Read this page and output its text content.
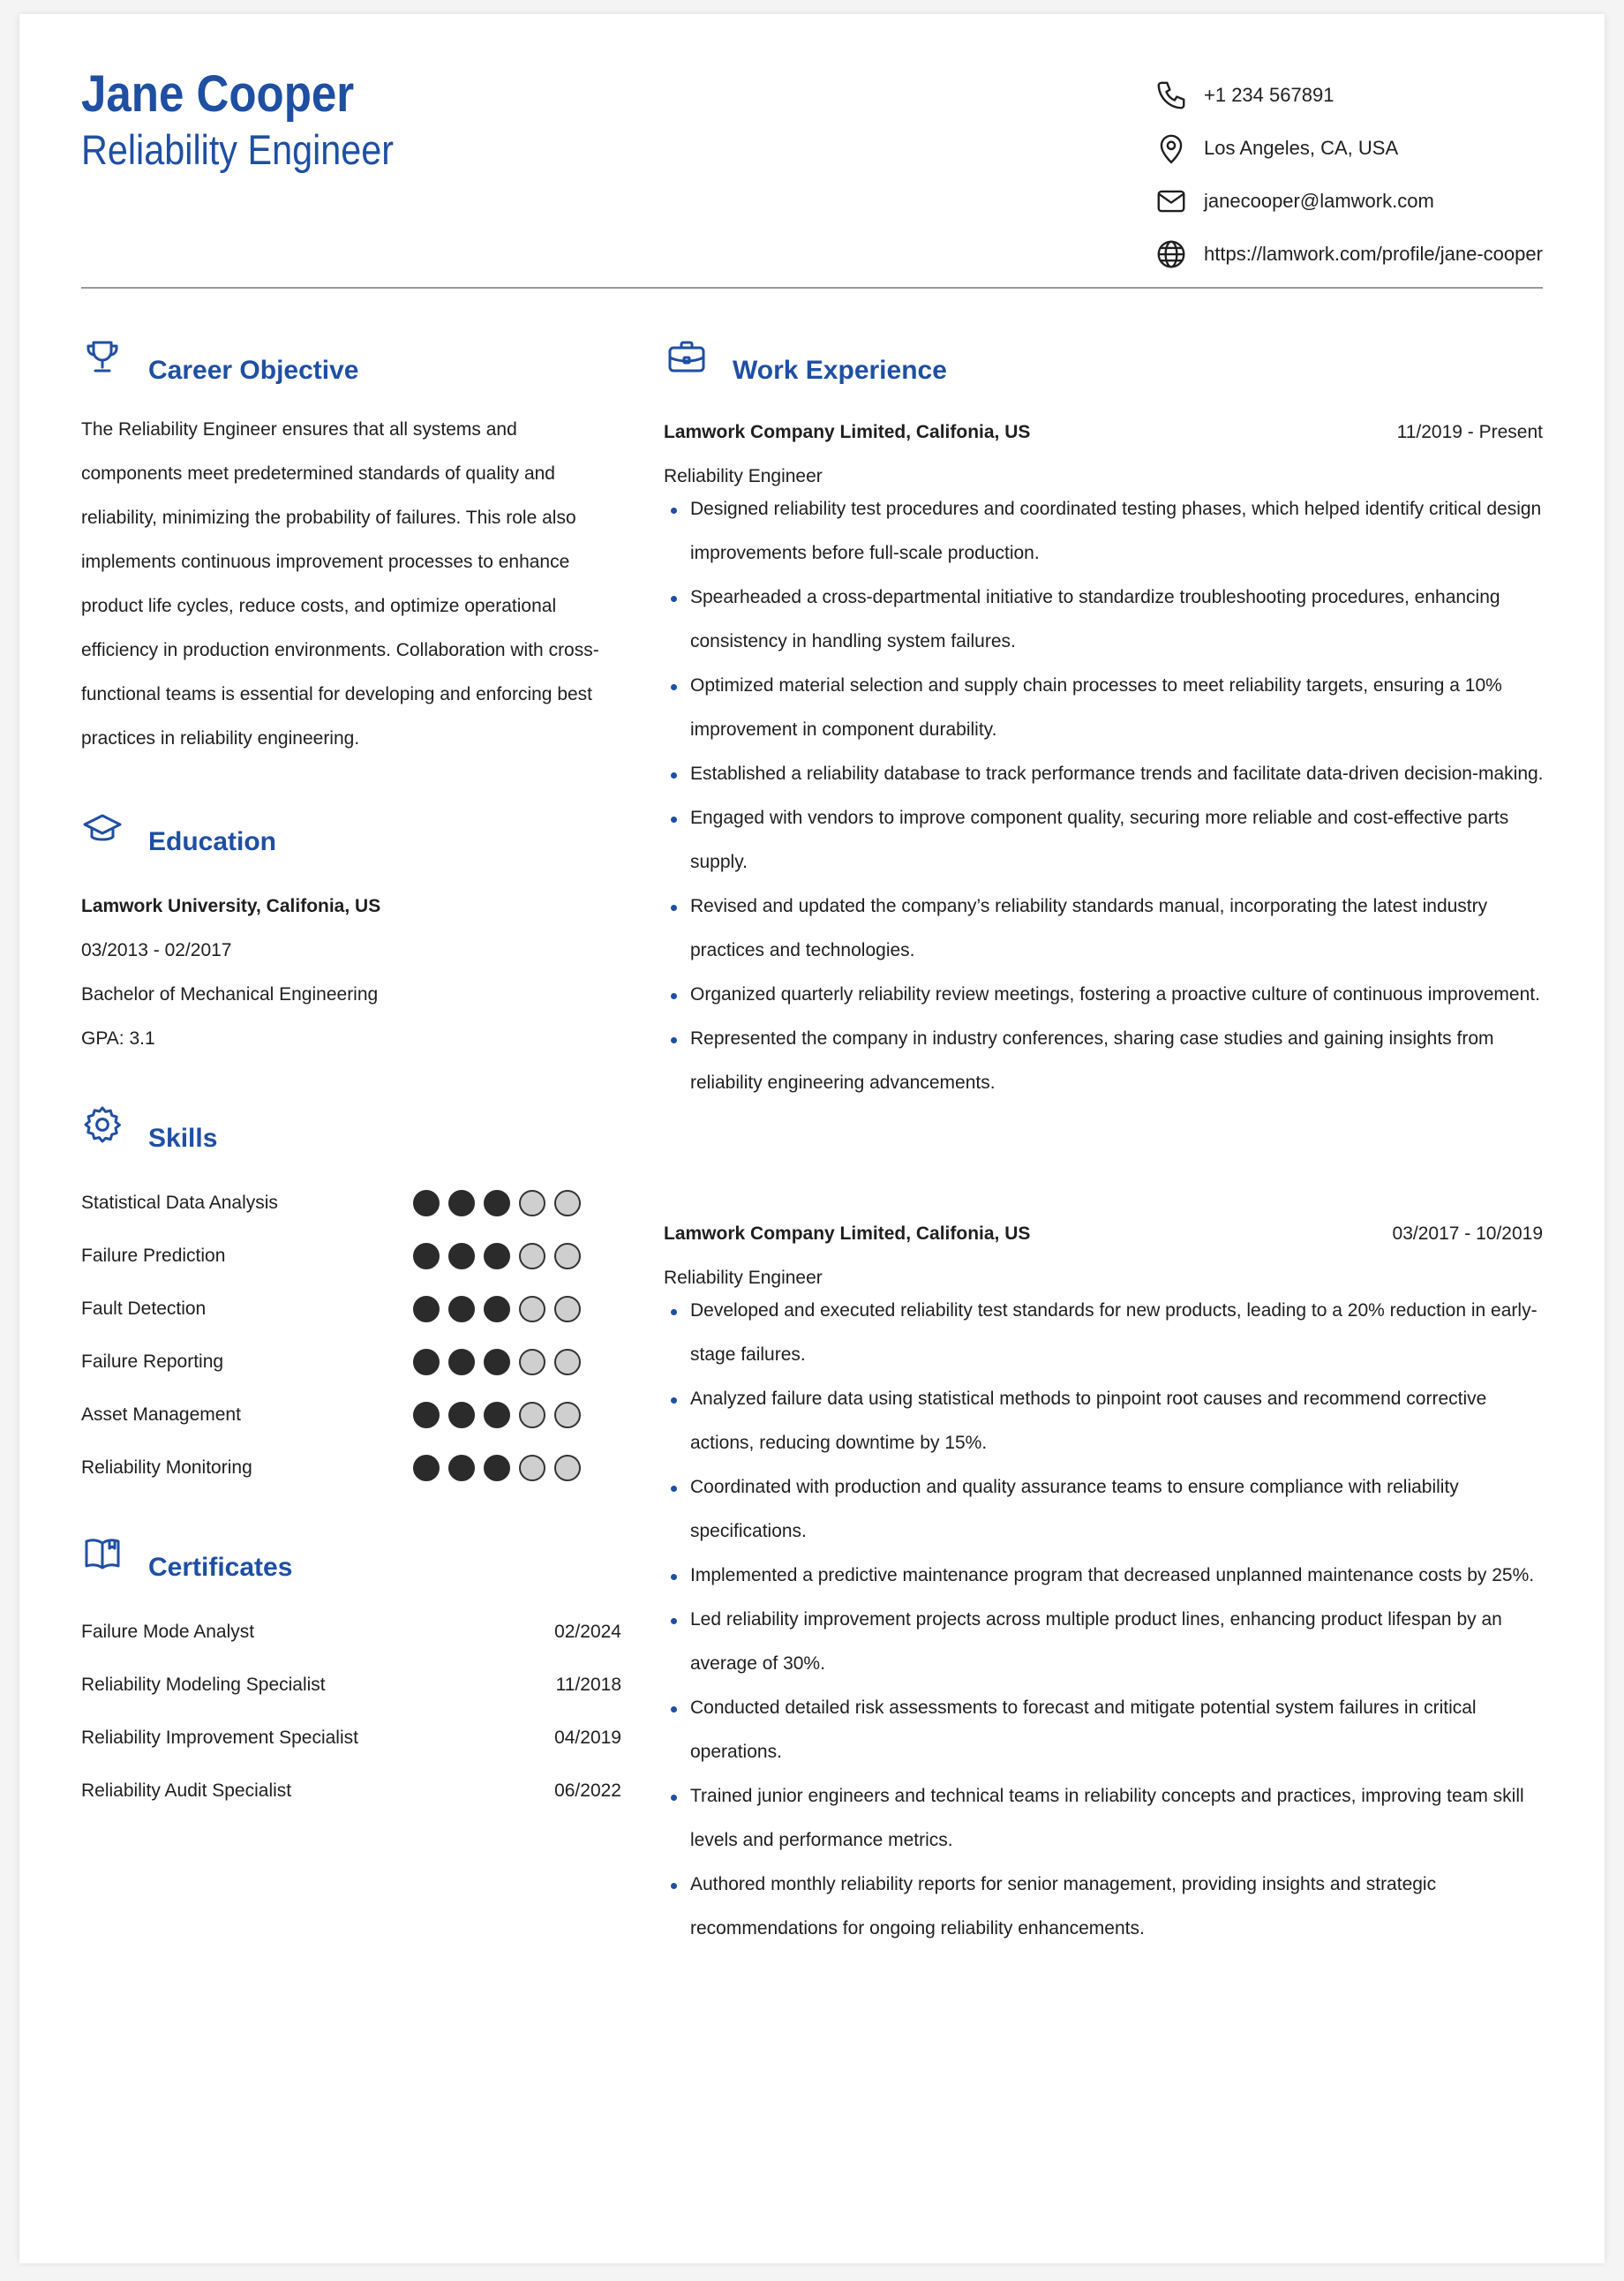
Jane Cooper
Reliability Engineer
+1 234 567891
Los Angeles, CA, USA
janecooper@lamwork.com
https://lamwork.com/profile/jane-cooper
Career Objective
The Reliability Engineer ensures that all systems and components meet predetermined standards of quality and reliability, minimizing the probability of failures. This role also implements continuous improvement processes to enhance product life cycles, reduce costs, and optimize operational efficiency in production environments. Collaboration with cross-functional teams is essential for developing and enforcing best practices in reliability engineering.
Education
Lamwork University, Califonia, US
03/2013 - 02/2017
Bachelor of Mechanical Engineering
GPA: 3.1
Skills
Statistical Data Analysis
Failure Prediction
Fault Detection
Failure Reporting
Asset Management
Reliability Monitoring
Certificates
Failure Mode Analyst	02/2024
Reliability Modeling Specialist	11/2018
Reliability Improvement Specialist	04/2019
Reliability Audit Specialist	06/2022
Work Experience
Lamwork Company Limited, Califonia, US	11/2019 - Present
Reliability Engineer
Designed reliability test procedures and coordinated testing phases, which helped identify critical design improvements before full-scale production.
Spearheaded a cross-departmental initiative to standardize troubleshooting procedures, enhancing consistency in handling system failures.
Optimized material selection and supply chain processes to meet reliability targets, ensuring a 10% improvement in component durability.
Established a reliability database to track performance trends and facilitate data-driven decision-making.
Engaged with vendors to improve component quality, securing more reliable and cost-effective parts supply.
Revised and updated the company’s reliability standards manual, incorporating the latest industry practices and technologies.
Organized quarterly reliability review meetings, fostering a proactive culture of continuous improvement.
Represented the company in industry conferences, sharing case studies and gaining insights from reliability engineering advancements.
Lamwork Company Limited, Califonia, US	03/2017 - 10/2019
Reliability Engineer
Developed and executed reliability test standards for new products, leading to a 20% reduction in early-stage failures.
Analyzed failure data using statistical methods to pinpoint root causes and recommend corrective actions, reducing downtime by 15%.
Coordinated with production and quality assurance teams to ensure compliance with reliability specifications.
Implemented a predictive maintenance program that decreased unplanned maintenance costs by 25%.
Led reliability improvement projects across multiple product lines, enhancing product lifespan by an average of 30%.
Conducted detailed risk assessments to forecast and mitigate potential system failures in critical operations.
Trained junior engineers and technical teams in reliability concepts and practices, improving team skill levels and performance metrics.
Authored monthly reliability reports for senior management, providing insights and strategic recommendations for ongoing reliability enhancements.
